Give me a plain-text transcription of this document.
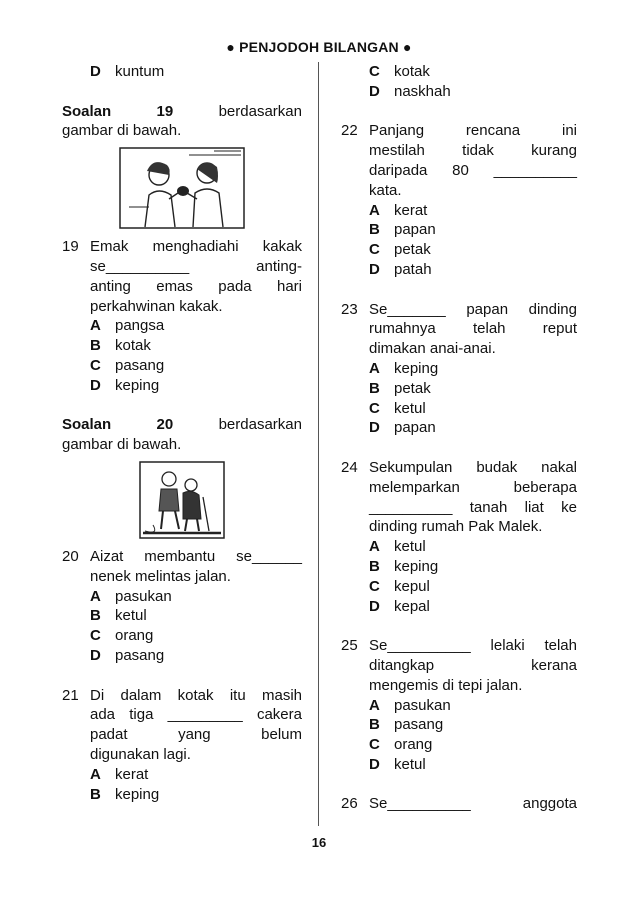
● PENJODOH BILANGAN ●
D kuntum
Soalan	19	berdasarkan
gambar di bawah.
19 Emak menghadiahi kakak
se__________ anting-
anting emas pada hari
perkahwinan kakak.
A pangsa
B kotak
C pasang
D keping
Soalan	20	berdasarkan
gambar di bawah.
20 Aizat membantu se______
nenek melintas jalan.
A pasukan
B ketul
C orang
D pasang
21 Di dalam kotak itu masih
ada tiga _________ cakera
padat yang belum
digunakan lagi.
A kerat
B keping
C kotak
D naskhah
22 Panjang rencana ini
mestilah tidak kurang
daripada 80 __________
kata.
A kerat
B papan
C petak
D patah
23 Se_______ papan dinding
rumahnya telah reput
dimakan anai-anai.
A keping
B petak
C ketul
D papan
24 Sekumpulan budak nakal
melemparkan beberapa
__________ tanah liat ke
dinding rumah Pak Malek.
A ketul
B keping
C kepul
D kepal
25 Se__________ lelaki telah
ditangkap kerana
mengemis di tepi jalan.
A pasukan
B pasang
C orang
D ketul
26 Se__________ anggota
16
